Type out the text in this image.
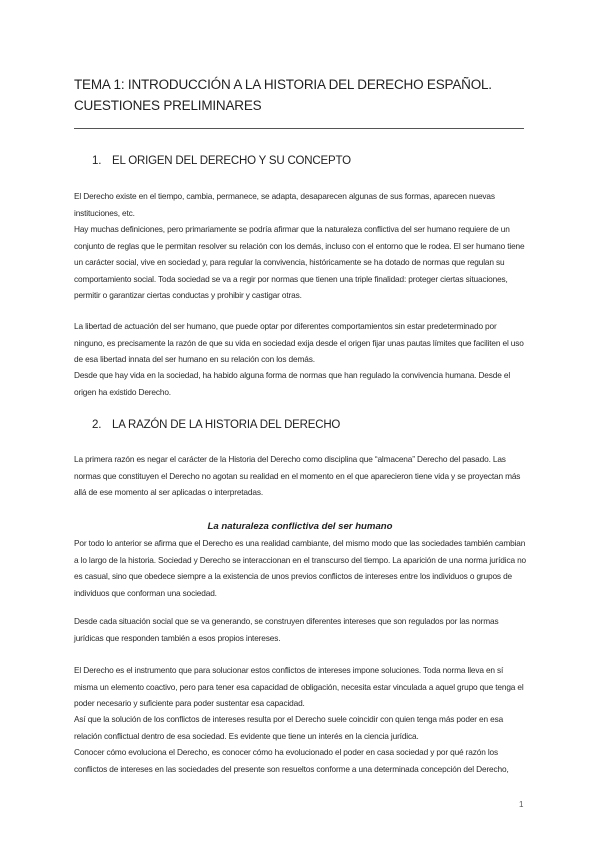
TEMA 1: INTRODUCCIÓN A LA HISTORIA DEL DERECHO ESPAÑOL. CUESTIONES PRELIMINARES
1. EL ORIGEN DEL DERECHO Y SU CONCEPTO

El Derecho existe en el tiempo, cambia, permanece, se adapta, desaparecen algunas de sus formas, aparecen nuevas instituciones, etc.

Hay muchas definiciones, pero primariamente se podría afirmar que la naturaleza conflictiva del ser humano requiere de un conjunto de reglas que le permitan resolver su relación con los demás, incluso con el entorno que le rodea. El ser humano tiene un carácter social, vive en sociedad y, para regular la convivencia, históricamente se ha dotado de normas que regulan su comportamiento social. Toda sociedad se va a regir por normas que tienen una triple finalidad: proteger ciertas situaciones, permitir o garantizar ciertas conductas y prohibir y castigar otras.

La libertad de actuación del ser humano, que puede optar por diferentes comportamientos sin estar predeterminado por ninguno, es precisamente la razón de que su vida en sociedad exija desde el origen fijar unas pautas límites que faciliten el uso de esa libertad innata del ser humano en su relación con los demás.

Desde que hay vida en la sociedad, ha habido alguna forma de normas que han regulado la convivencia humana. Desde el origen ha existido Derecho.

2. LA RAZÓN DE LA HISTORIA DEL DERECHO

La primera razón es negar el carácter de la Historia del Derecho como disciplina que “almacena” Derecho del pasado. Las normas que constituyen el Derecho no agotan su realidad en el momento en el que aparecieron tiene vida y se proyectan más allá de ese momento al ser aplicadas o interpretadas.

La naturaleza conflictiva del ser humano

Por todo lo anterior se afirma que el Derecho es una realidad cambiante, del mismo modo que las sociedades también cambian a lo largo de la historia. Sociedad y Derecho se interaccionan en el transcurso del tiempo. La aparición de una norma jurídica no es casual, sino que obedece siempre a la existencia de unos previos conflictos de intereses entre los individuos o grupos de individuos que conforman una sociedad.

Desde cada situación social que se va generando, se construyen diferentes intereses que son regulados por las normas jurídicas que responden también a esos propios intereses.

El Derecho es el instrumento que para solucionar estos conflictos de intereses impone soluciones. Toda norma lleva en sí misma un elemento coactivo, pero para tener esa capacidad de obligación, necesita estar vinculada a aquel grupo que tenga el poder necesario y suficiente para poder sustentar esa capacidad.

Así que la solución de los conflictos de intereses resulta por el Derecho suele coincidir con quien tenga más poder en esa relación conflictual dentro de esa sociedad. Es evidente que tiene un interés en la ciencia jurídica.

Conocer cómo evoluciona el Derecho, es conocer cómo ha evolucionado el poder en casa sociedad y por qué razón los conflictos de intereses en las sociedades del presente son resueltos conforme a una determinada concepción del Derecho,

1
